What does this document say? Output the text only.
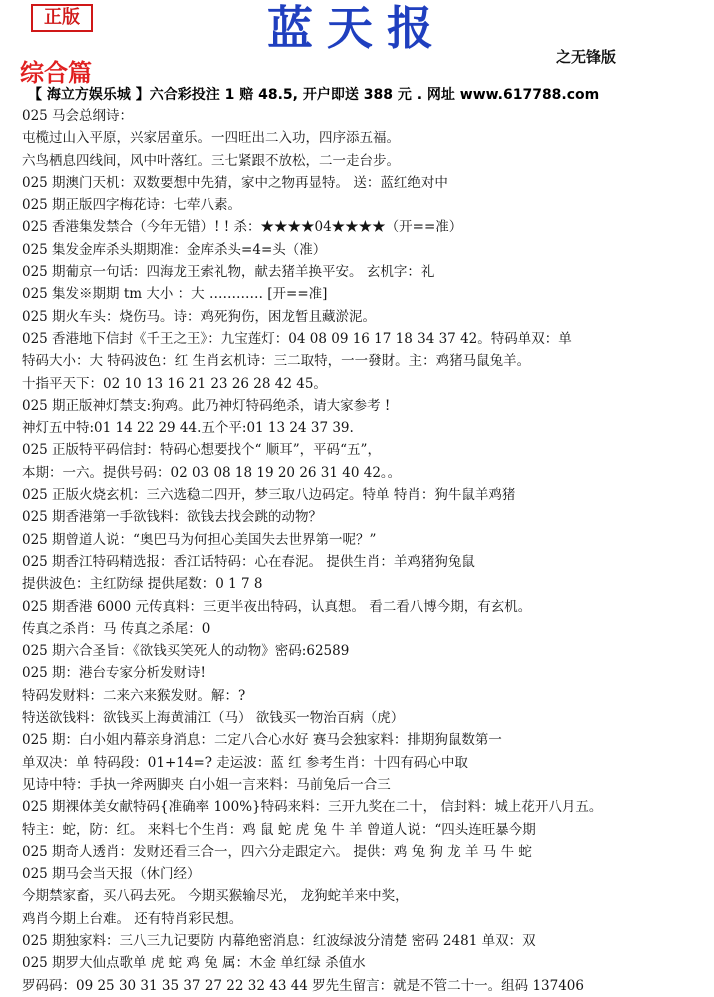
正版	蓝天报
之无锋版
综合篇
【 海立方娱乐城 】六合彩投注 1 赔 48.5, 开户即送 388 元 . 网址 www.617788.com
025 马会总纲诗：
屯榄过山入平原，兴家居童乐。一四旺出二入功，四序添五福。
六鸟栖息四线间，风中叶落红。三七紧跟不放松，二一走台步。
025 期澳门天机：双数要想中先猜，家中之物再显特。 送：蓝红绝对中
025 期正版四字梅花诗：七荦八素。
025 香港集发禁合（今年无错）! ! 杀：★★★★04★★★★（开==准）
025 集发金库杀头期期准：金库杀头=4=头（准）
025 期葡京一句话：四海龙王索礼物，献去猪羊换平安。 玄机字：礼
025 集发※期期 tm 大小 ：大 ………… [开==准]
025 期火车头：烧伤马。诗：鸡死狗伤，困龙暂且藏淤泥。
025 香港地下信封《千王之王》：九宝莲灯：04 08 09 16 17 18 34 37 42。特码单双：单
特码大小：大 特码波色：红 生肖玄机诗：三二取特，一一發財。主：鸡猪马鼠兔羊。
十指平天下：02 10 13 16 21 23 26 28 42 45。
025 期正版神灯禁支:狗鸡。此乃神灯特码绝杀，请大家参考 !
神灯五中特:01 14 22 29 44.五个平:01 13 24 37 39.
025 正版特平码信封：特码心想要找个“ 顺耳”，平码“五”，
本期：一六。提供号码：02 03 08 18 19 20 26 31 40 42。。
025 正版火烧玄机：三六选稳二四开，梦三取八边码定。特单 特肖：狗牛鼠羊鸡猪
025 期香港第一手欲钱料：欲钱去找会跳的动物？
025 期曾道人说：“奥巴马为何担心美国失去世界第一呢？”
025 期香江特码精选报：香江话特码：心在春泥。 提供生肖：羊鸡猪狗兔鼠
提供波色：主红防绿 提供尾数：0 1 7 8
025 期香港 6000 元传真料：三更半夜出特码，认真想。 看二看八博今期，有玄机。
传真之杀肖：马 传真之杀尾：0
025 期六合圣旨：《欲钱买笑死人的动物》密码:62589
025 期：港台专家分析发财诗!
特码发财料：二来六来猴发财。解：?
特送欲钱料：欲钱买上海黄浦江（马） 欲钱买一物治百病（虎）
025 期：白小姐内幕亲身消息：二定八合心水好 赛马会独家料：排期狗鼠数第一
单双决：单 特码段：01+14=? 走运波：蓝 红 参考生肖：十四有码心中取
见诗中特：手执一斧两脚夹 白小姐一言来料：马前兔后一合三
025 期裸体美女献特码{准确率 100%}特码来料：三开九奖在二十， 信封料：城上花开八月五。
特主：蛇，防：红。 来料七个生肖：鸡 鼠 蛇 虎 兔 牛 羊 曾道人说：“四头连旺暴今期
025 期奇人透肖：发财还看三合一，四六分走跟定六。 提供：鸡 兔 狗 龙 羊 马 牛 蛇
025 期马会当天报（休门经）
今期禁家畜，买八码去死。 今期买猴输尽光， 龙狗蛇羊来中奖，
鸡肖今期上台难。 还有特肖彩民想。
025 期独家料：三八三九记要防 内幕绝密消息：红波绿波分清楚 密码 2481 单双：双
025 期罗大仙点歌单 虎 蛇 鸡 兔 属：木金 单红绿 杀值水
罗码码：09 25 30 31 35 37 27 22 32 43 44 罗先生留言：就是不管二十一。组码 137406
